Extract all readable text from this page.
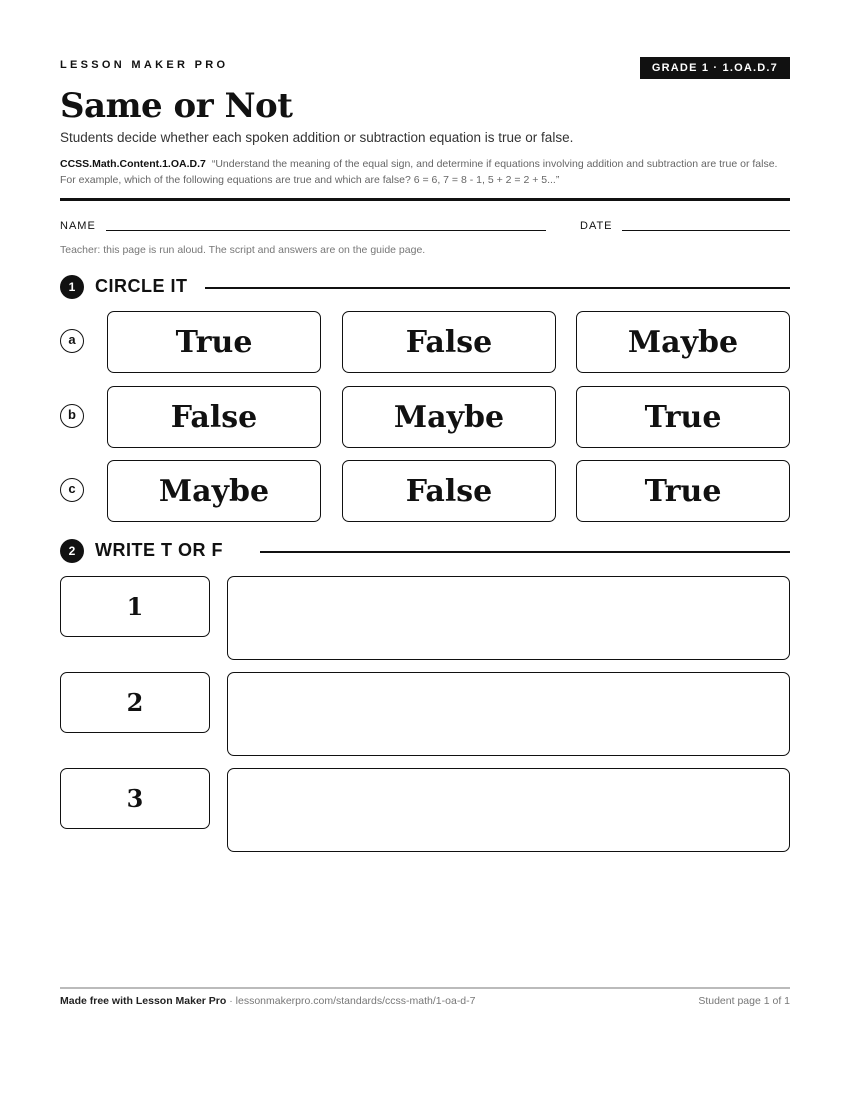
LESSON MAKER PRO	GRADE 1 · 1.OA.D.7
Same or Not
Students decide whether each spoken addition or subtraction equation is true or false.
CCSS.Math.Content.1.OA.D.7 “Understand the meaning of the equal sign, and determine if equations involving addition and subtraction are true or false. For example, which of the following equations are true and which are false? 6 = 6, 7 = 8 - 1, 5 + 2 = 2 + 5...”
NAME	DATE
Teacher: this page is run aloud. The script and answers are on the guide page.
1	CIRCLE IT
a	True	False	Maybe
b	False	Maybe	True
c	Maybe	False	True
2	WRITE T OR F
1
2
3
Made free with Lesson Maker Pro · lessonmakerpro.com/standards/ccss-math/1-oa-d-7	Student page 1 of 1
